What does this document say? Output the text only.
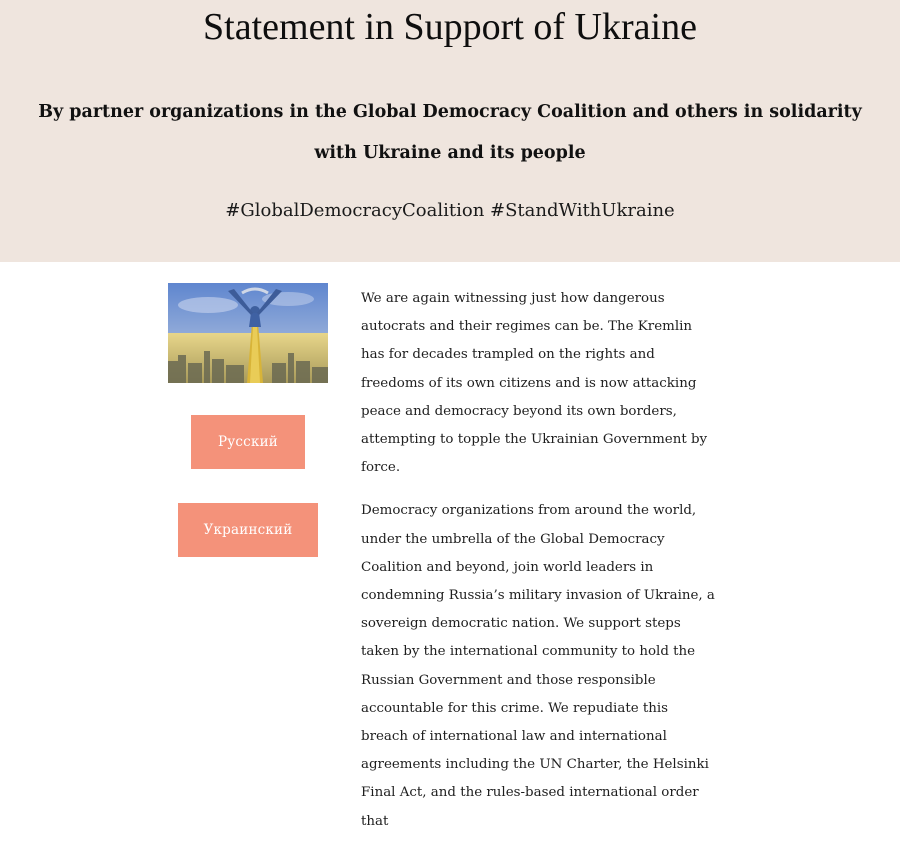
Statement in Support of Ukraine
By partner organizations in the Global Democracy Coalition and others in solidarity with Ukraine and its people

#GlobalDemocracyCoalition #StandWithUkraine

Русский
Украинский

We are again witnessing just how dangerous autocrats and their regimes can be. The Kremlin has for decades trampled on the rights and freedoms of its own citizens and is now attacking peace and democracy beyond its own borders, attempting to topple the Ukrainian Government by force.

Democracy organizations from around the world, under the umbrella of the Global Democracy Coalition and beyond, join world leaders in condemning Russia’s military invasion of Ukraine, a sovereign democratic nation. We support steps taken by the international community to hold the Russian Government and those responsible accountable for this crime. We repudiate this      breach of international law and international agreements including the UN Charter, the Helsinki Final Act, and the rules-based international order that
